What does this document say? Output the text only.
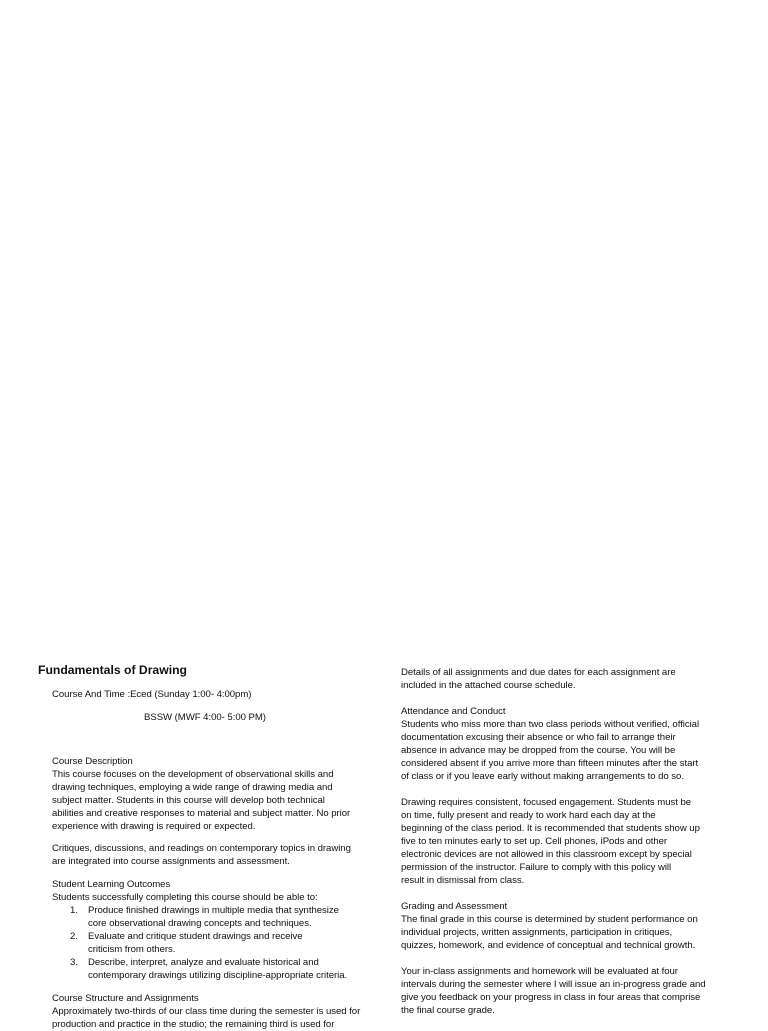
Fundamentals of Drawing
Course And Time :Eced (Sunday 1:00- 4:00pm)
BSSW (MWF 4:00- 5:00 PM)
Course Description
This course focuses on the development of observational skills and
drawing techniques, employing a wide range of drawing media and
subject matter. Students in this course will develop both technical
abilities and creative responses to material and subject matter. No prior
experience with drawing is required or expected.
Critiques, discussions, and readings on contemporary topics in drawing
are integrated into course assignments and assessment.
Student Learning Outcomes
Students successfully completing this course should be able to:
1. Produce finished drawings in multiple media that synthesize
core observational drawing concepts and techniques.
2. Evaluate and critique student drawings and receive
criticism from others.
3. Describe, interpret, analyze and evaluate historical and
contemporary drawings utilizing discipline-appropriate criteria.
Course Structure and Assignments
Approximately two-thirds of our class time during the semester is used for
production and practice in the studio; the remaining third is used for
Details of all assignments and due dates for each assignment are
included in the attached course schedule.
Attendance and Conduct
Students who miss more than two class periods without verified, official
documentation excusing their absence or who fail to arrange their
absence in advance may be dropped from the course. You will be
considered absent if you arrive more than fifteen minutes after the start
of class or if you leave early without making arrangements to do so.
Drawing requires consistent, focused engagement. Students must be
on time, fully present and ready to work hard each day at the
beginning of the class period. It is recommended that students show up
five to ten minutes early to set up. Cell phones, iPods and other
electronic devices are not allowed in this classroom except by special
permission of the instructor. Failure to comply with this policy will
result in dismissal from class.
Grading and Assessment
The final grade in this course is determined by student performance on
individual projects, written assignments, participation in critiques,
quizzes, homework, and evidence of conceptual and technical growth.
Your in-class assignments and homework will be evaluated at four
intervals during the semester where I will issue an in-progress grade and
give you feedback on your progress in class in four areas that comprise
the final course grade.
